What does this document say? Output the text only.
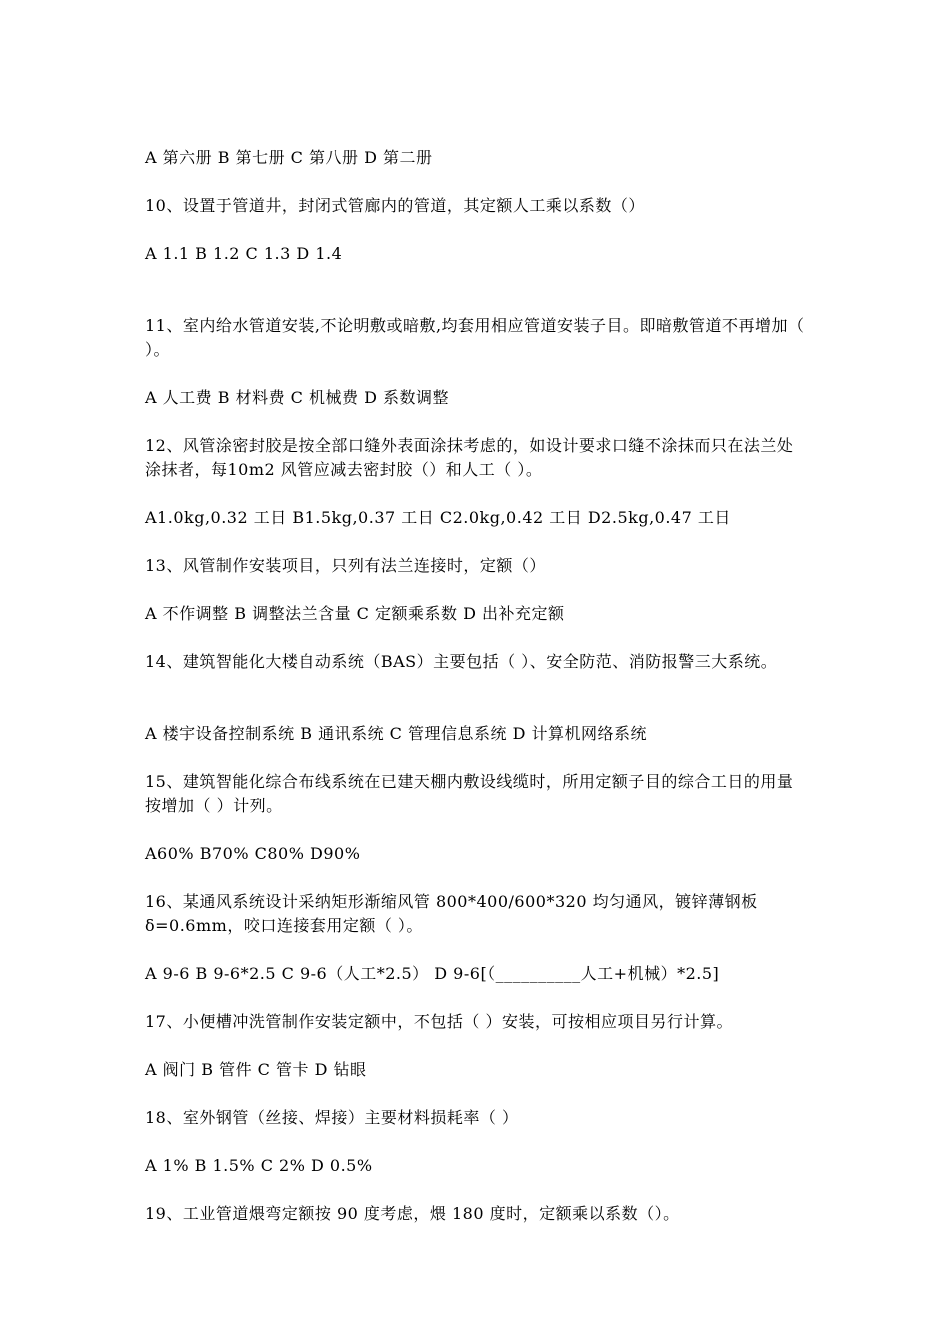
A 第六册 B 第七册 C 第八册 D 第二册
10、设置于管道井，封闭式管廊内的管道，其定额人工乘以系数（）
A 1.1 B 1.2 C 1.3 D 1.4
11、室内给水管道安装,不论明敷或暗敷,均套用相应管道安装子目。即暗敷管道不再增加（ ）。
A 人工费 B 材料费 C 机械费 D 系数调整
12、风管涂密封胶是按全部口缝外表面涂抹考虑的，如设计要求口缝不涂抹而只在法兰处涂抹者，每10m2 风管应减去密封胶（）和人工（ ）。
A1.0kg,0.32 工日 B1.5kg,0.37 工日 C2.0kg,0.42 工日 D2.5kg,0.47 工日
13、风管制作安装项目，只列有法兰连接时，定额（）
A 不作调整 B 调整法兰含量 C 定额乘系数 D 出补充定额
14、建筑智能化大楼自动系统（BAS）主要包括（ ）、安全防范、消防报警三大系统。
A 楼宇设备控制系统 B 通讯系统 C 管理信息系统 D 计算机网络系统
15、建筑智能化综合布线系统在已建天棚内敷设线缆时，所用定额子目的综合工日的用量按增加（ ）计列。
A60% B70% C80% D90%
16、某通风系统设计采纳矩形渐缩风管 800*400/600*320 均匀通风，镀锌薄钢板 δ=0.6mm，咬口连接套用定额（ ）。
A 9-6 B 9-6*2.5 C 9-6（人工*2.5） D 9-6[（__________人工+机械）*2.5]
17、小便槽冲洗管制作安装定额中，不包括（ ）安装，可按相应项目另行计算。
A 阀门 B 管件 C 管卡 D 钻眼
18、室外钢管（丝接、焊接）主要材料损耗率（ ）
A 1% B 1.5% C 2% D 0.5%
19、工业管道煨弯定额按 90 度考虑，煨 180 度时，定额乘以系数（）。
